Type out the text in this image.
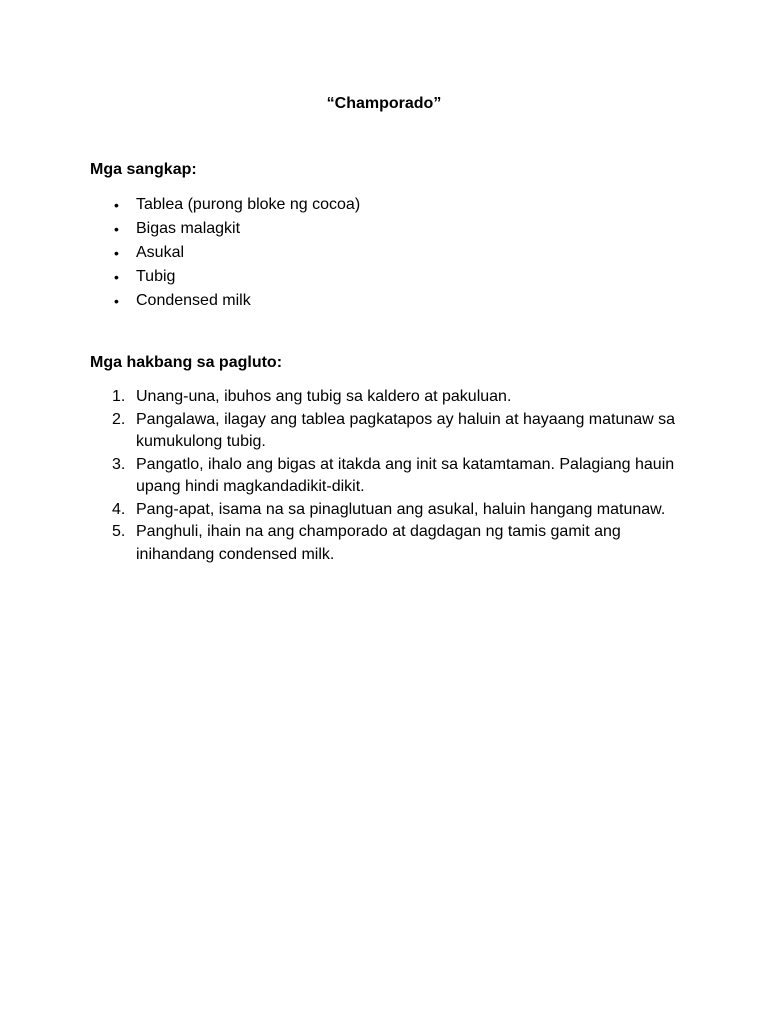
“Champorado”
Mga sangkap:
• Tablea (purong bloke ng cocoa)
• Bigas malagkit
• Asukal
• Tubig
• Condensed milk
Mga hakbang sa pagluto:
1. Unang-una, ibuhos ang tubig sa kaldero at pakuluan.
2. Pangalawa, ilagay ang tablea pagkatapos ay haluin at hayaang matunaw sa kumukulong tubig.
3. Pangatlo, ihalo ang bigas at itakda ang init sa katamtaman. Palagiang hauin upang hindi magkandadikit-dikit.
4. Pang-apat, isama na sa pinaglutuan ang asukal, haluin hangang matunaw.
5. Panghuli, ihain na ang champorado at dagdagan ng tamis gamit ang inihandang condensed milk.
